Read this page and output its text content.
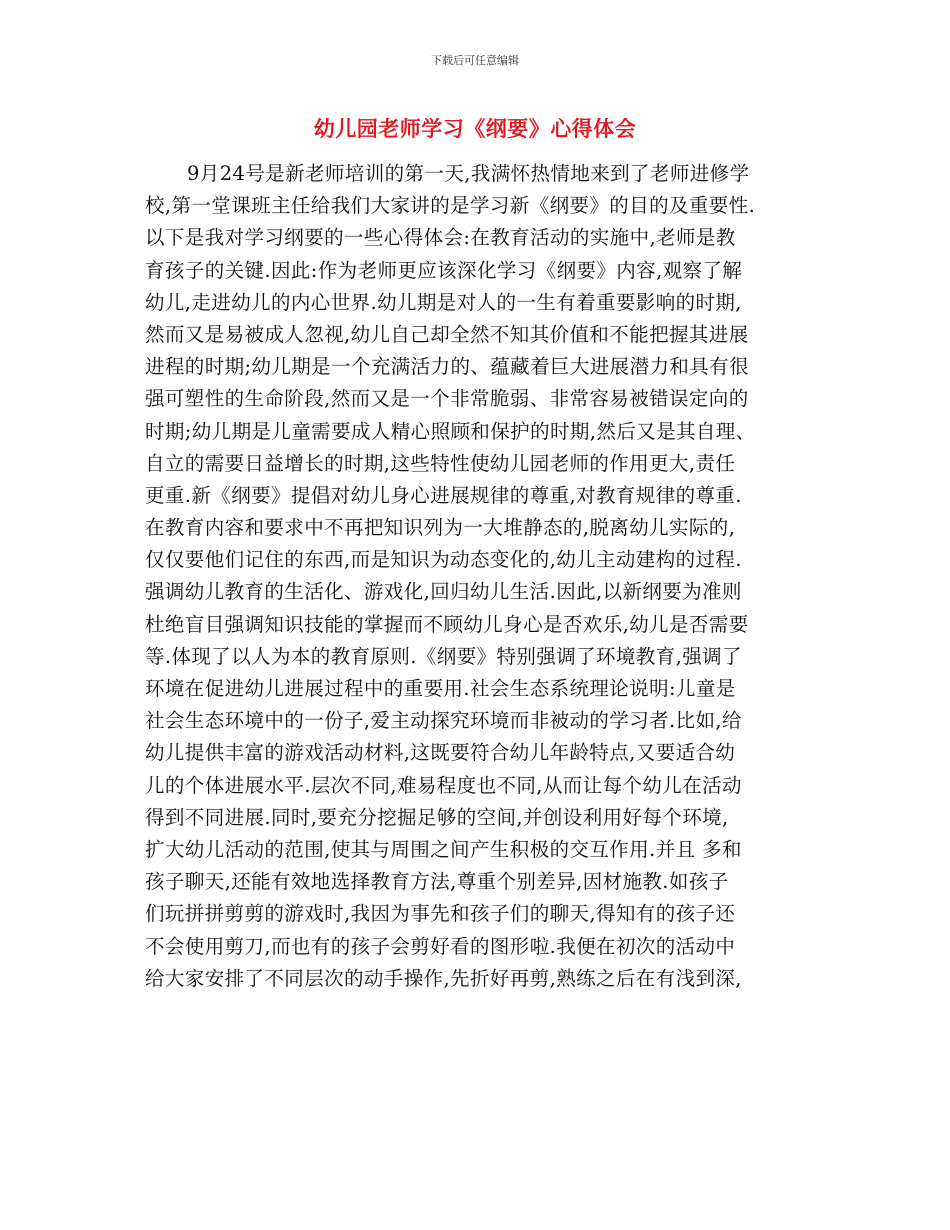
下载后可任意编辑
幼儿园老师学习《纲要》心得体会
9月24号是新老师培训的第一天,我满怀热情地来到了老师进修学
校,第一堂课班主任给我们大家讲的是学习新《纲要》的目的及重要性.
以下是我对学习纲要的一些心得体会:在教育活动的实施中,老师是教
育孩子的关键.因此:作为老师更应该深化学习《纲要》内容,观察了解
幼儿,走进幼儿的内心世界.幼儿期是对人的一生有着重要影响的时期,
然而又是易被成人忽视,幼儿自己却全然不知其价值和不能把握其进展
进程的时期;幼儿期是一个充满活力的、蕴藏着巨大进展潜力和具有很
强可塑性的生命阶段,然而又是一个非常脆弱、非常容易被错误定向的
时期;幼儿期是儿童需要成人精心照顾和保护的时期,然后又是其自理、
自立的需要日益增长的时期,这些特性使幼儿园老师的作用更大,责任
更重.新《纲要》提倡对幼儿身心进展规律的尊重,对教育规律的尊重.
在教育内容和要求中不再把知识列为一大堆静态的,脱离幼儿实际的,
仅仅要他们记住的东西,而是知识为动态变化的,幼儿主动建构的过程.
强调幼儿教育的生活化、游戏化,回归幼儿生活.因此,以新纲要为准则
杜绝盲目强调知识技能的掌握而不顾幼儿身心是否欢乐,幼儿是否需要
等.体现了以人为本的教育原则.《纲要》特别强调了环境教育,强调了
环境在促进幼儿进展过程中的重要用.社会生态系统理论说明:儿童是
社会生态环境中的一份子,爱主动探究环境而非被动的学习者.比如,给
幼儿提供丰富的游戏活动材料,这既要符合幼儿年龄特点,又要适合幼
儿的个体进展水平.层次不同,难易程度也不同,从而让每个幼儿在活动
得到不同进展.同时,要充分挖掘足够的空间,并创设利用好每个环境,
扩大幼儿活动的范围,使其与周围之间产生积极的交互作用.并且 多和
孩子聊天,还能有效地选择教育方法,尊重个别差异,因材施教.如孩子
们玩拼拼剪剪的游戏时,我因为事先和孩子们的聊天,得知有的孩子还
不会使用剪刀,而也有的孩子会剪好看的图形啦.我便在初次的活动中
给大家安排了不同层次的动手操作,先折好再剪,熟练之后在有浅到深,
